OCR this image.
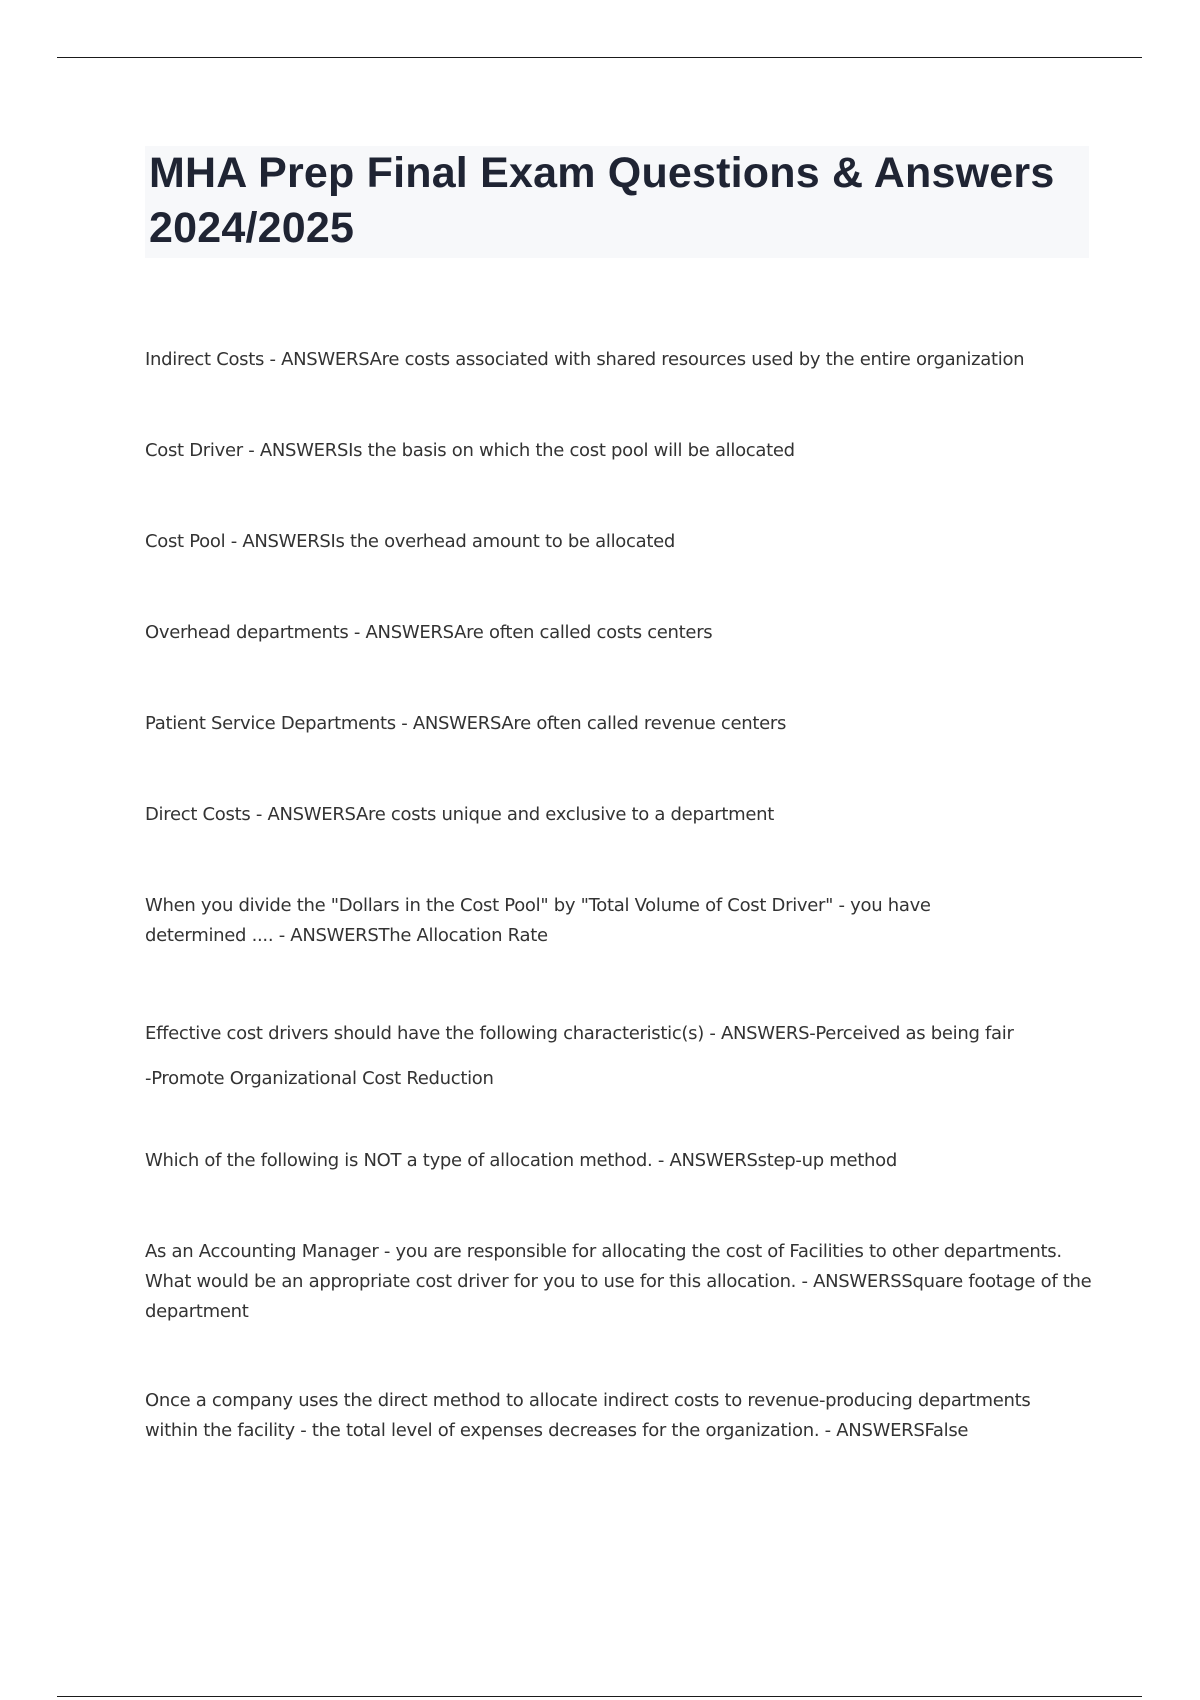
MHA Prep Final Exam Questions & Answers 2024/2025

Indirect Costs - ANSWERSAre costs associated with shared resources used by the entire organization

Cost Driver - ANSWERSIs the basis on which the cost pool will be allocated

Cost Pool - ANSWERSIs the overhead amount to be allocated

Overhead departments - ANSWERSAre often called costs centers

Patient Service Departments - ANSWERSAre often called revenue centers

Direct Costs - ANSWERSAre costs unique and exclusive to a department

When you divide the "Dollars in the Cost Pool" by "Total Volume of Cost Driver" - you have determined .... - ANSWERSThe Allocation Rate

Effective cost drivers should have the following characteristic(s) - ANSWERS-Perceived as being fair
-Promote Organizational Cost Reduction

Which of the following is NOT a type of allocation method. - ANSWERSstep-up method

As an Accounting Manager - you are responsible for allocating the cost of Facilities to other departments. What would be an appropriate cost driver for you to use for this allocation. - ANSWERSSquare footage of the department

Once a company uses the direct method to allocate indirect costs to revenue-producing departments within the facility - the total level of expenses decreases for the organization. - ANSWERSFalse
